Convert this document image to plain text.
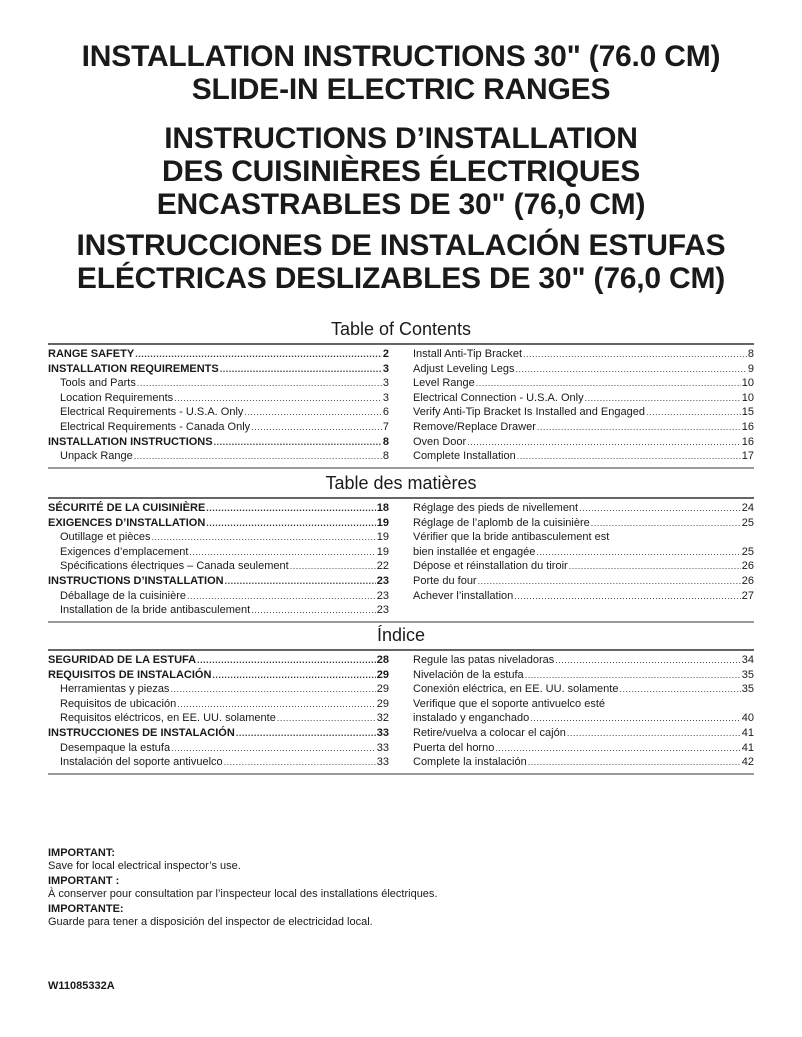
INSTALLATION INSTRUCTIONS 30" (76.0 CM)
SLIDE-IN ELECTRIC RANGES
INSTRUCTIONS D’INSTALLATION
DES CUISINIÈRES ÉLECTRIQUES
ENCASTRABLES DE 30" (76,0 CM)
INSTRUCCIONES DE INSTALACIÓN ESTUFAS
ELÉCTRICAS DESLIZABLES DE 30" (76,0 CM)
Table of Contents
RANGE SAFETY .....	2
INSTALLATION REQUIREMENTS .....	3
Tools and Parts .....	3
Location Requirements .....	3
Electrical Requirements - U.S.A. Only .....	6
Electrical Requirements - Canada Only .....	7
INSTALLATION INSTRUCTIONS .....	8
Unpack Range .....	8
Install Anti-Tip Bracket .....	8
Adjust Leveling Legs .....	9
Level Range .....	10
Electrical Connection - U.S.A. Only .....	10
Verify Anti-Tip Bracket Is Installed and Engaged .....	15
Remove/Replace Drawer .....	16
Oven Door .....	16
Complete Installation .....	17
Table des matières
SÉCURITÉ DE LA CUISINIÈRE .....	18
EXIGENCES D’INSTALLATION .....	19
Outillage et pièces .....	19
Exigences d’emplacement .....	19
Spécifications électriques – Canada seulement .....	22
INSTRUCTIONS D’INSTALLATION .....	23
Déballage de la cuisinière .....	23
Installation de la bride antibasculement .....	23
Réglage des pieds de nivellement .....	24
Réglage de l’aplomb de la cuisinière .....	25
Vérifier que la bride antibasculement est
bien installée et engagée .....	25
Dépose et réinstallation du tiroir .....	26
Porte du four .....	26
Achever l’installation .....	27
Índice
SEGURIDAD DE LA ESTUFA .....	28
REQUISITOS DE INSTALACIÓN .....	29
Herramientas y piezas .....	29
Requisitos de ubicación .....	29
Requisitos eléctricos, en EE. UU. solamente .....	32
INSTRUCCIONES DE INSTALACIÓN .....	33
Desempaque la estufa .....	33
Instalación del soporte antivuelco .....	33
Regule las patas niveladoras .....	34
Nivelación de la estufa .....	35
Conexión eléctrica, en EE. UU. solamente .....	35
Verifique que el soporte antivuelco esté
instalado y enganchado .....	40
Retire/vuelva a colocar el cajón .....	41
Puerta del horno .....	41
Complete la instalación .....	42
IMPORTANT:
Save for local electrical inspector’s use.
IMPORTANT :
À conserver pour consultation par l’inspecteur local des installations électriques.
IMPORTANTE:
Guarde para tener a disposición del inspector de electricidad local.
W11085332A
